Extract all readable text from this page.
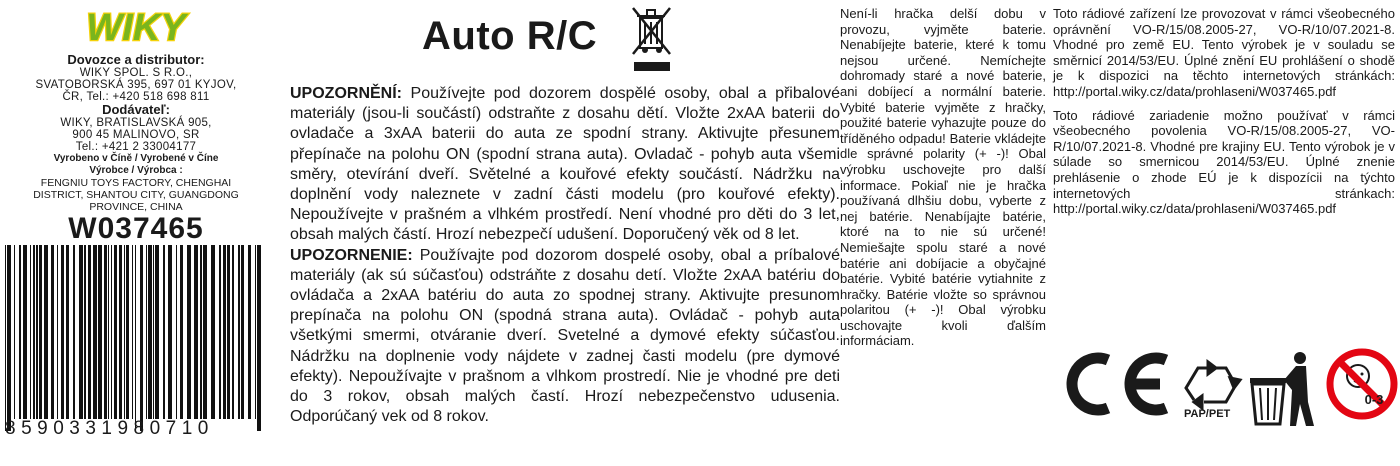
WIKY
Dovozce a distributor:
WIKY SPOL. S R.O.,
SVATOBORSKÁ 395, 697 01 KYJOV,
ČR, Tel.: +420 518 698 811
Dodávateľ:
WIKY, BRATISLAVSKÁ 905,
900 45 MALINOVO, SR
Tel.: +421 2 33004177
Vyrobeno v Číně / Vyrobené v Číne
Výrobce / Výrobca :
FENGNIU TOYS FACTORY, CHENGHAI
DISTRICT, SHANTOU CITY, GUANGDONG
PROVINCE, CHINA
W037465
8590331980710
Auto R/C
UPOZORNĚNÍ: Používejte pod dozorem dospělé osoby, obal a přibalové materiály (jsou-li součástí) odstraňte z dosahu dětí. Vložte 2xAA baterii do ovladače a 3xAA baterii do auta ze spodní strany. Aktivujte přesunem přepínače na polohu ON (spodní strana auta). Ovladač - pohyb auta všemi směry, otevírání dveří. Světelné a kouřové efekty součástí. Nádržku na doplnění vody naleznete v zadní části modelu (pro kouřové efekty). Nepoužívejte v prašném a vlhkém prostředí. Není vhodné pro děti do 3 let, obsah malých částí. Hrozí nebezpečí udušení. Doporučený věk od 8 let.
UPOZORNENIE: Používajte pod dozorom dospelé osoby, obal a príbalové materiály (ak sú súčasťou) odstráňte z dosahu detí. Vložte 2xAA batériu do ovládača a 2xAA batériu do auta zo spodnej strany. Aktivujte presunom prepínača na polohu ON (spodná strana auta). Ovládač - pohyb auta všetkými smermi, otváranie dverí. Svetelné a dymové efekty súčasťou. Nádržku na doplnenie vody nájdete v zadnej časti modelu (pre dymové efekty). Nepoužívajte v prašnom a vlhkom prostredí. Nie je vhodné pre deti do 3 rokov, obsah malých častí. Hrozí nebezpečenstvo udusenia. Odporúčaný vek od 8 rokov.
Není-li hračka delší dobu v provozu, vyjměte baterie. Nenabíjejte baterie, které k tomu nejsou určené. Nemíchejte dohromady staré a nové baterie, ani dobíjecí a normální baterie. Vybité baterie vyjměte z hračky, použité baterie vyhazujte pouze do tříděného odpadu! Baterie vkládejte dle správné polarity (+ -)! Obal výrobku uschovejte pro další informace. Pokiaľ nie je hračka používaná dlhšiu dobu, vyberte z nej batérie. Nenabíjajte batérie, ktoré na to nie sú určené! Nemiešajte spolu staré a nové batérie ani dobíjacie a obyčajné batérie. Vybité batérie vytiahnite z hračky. Batérie vložte so správnou polaritou (+ -)! Obal výrobku uschovajte kvoli ďalším informáciam.

Toto rádiové zařízení lze provozovat v rámci všeobecného oprávnění VO-R/15/08.2005-27, VO-R/10/07.2021-8. Vhodné pro země EU. Tento výrobek je v souladu se směrnicí 2014/53/EU. Úplné znění EU prohlášení o shodě je k dispozici na těchto internetových stránkách: http://portal.wiky.cz/data/prohlaseni/W037465.pdf

Toto rádiové zariadenie možno používať v rámci všeobecného povolenia VO-R/15/08.2005-27, VO-R/10/07.2021-8. Vhodné pre krajiny EU. Tento výrobok je v súlade so smernicou 2014/53/EU. Úplné znenie prehlásenie o zhode EÚ je k dispozícii na týchto internetových stránkach: http://portal.wiky.cz/data/prohlaseni/W037465.pdf

0-3
PAP/PET
